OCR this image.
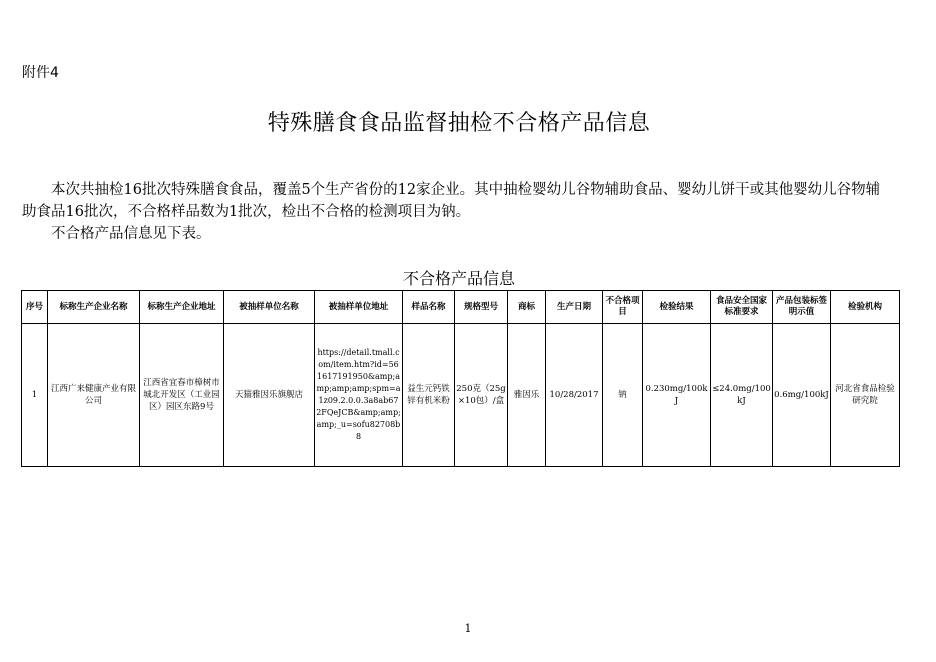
附件4
特殊膳食食品监督抽检不合格产品信息

本次共抽检16批次特殊膳食食品，覆盖5个生产省份的12家企业。其中抽检婴幼儿谷物辅助食品、婴幼儿饼干或其他婴幼儿谷物辅助食品16批次，不合格样品数为1批次，检出不合格的检测项目为钠。

不合格产品信息见下表。

不合格产品信息
序号	标称生产企业名称	标称生产企业地址	被抽样单位名称	被抽样单位地址	样品名称	规格型号	商标	生产日期	不合格项目	检验结果	食品安全国家标准要求	产品包装标签明示值	检验机构
1	江西广来健康产业有限公司	江西省宜春市樟树市城北开发区（工业园区）园区东路9号	天猫雅因乐旗舰店	https://detail.tmall.com/item.htm?id=561617191950&amp;amp;amp;amp;spm=a1z09.2.0.0.3a8ab672FQeJCB&amp;amp;amp;_u=sofu82708b8	益生元钙铁锌有机米粉	250克（25g×10包）/盒	雅因乐	10/28/2017	钠	0.230mg/100kJ	≤24.0mg/100kJ	0.6mg/100kJ	河北省食品检验研究院
1
